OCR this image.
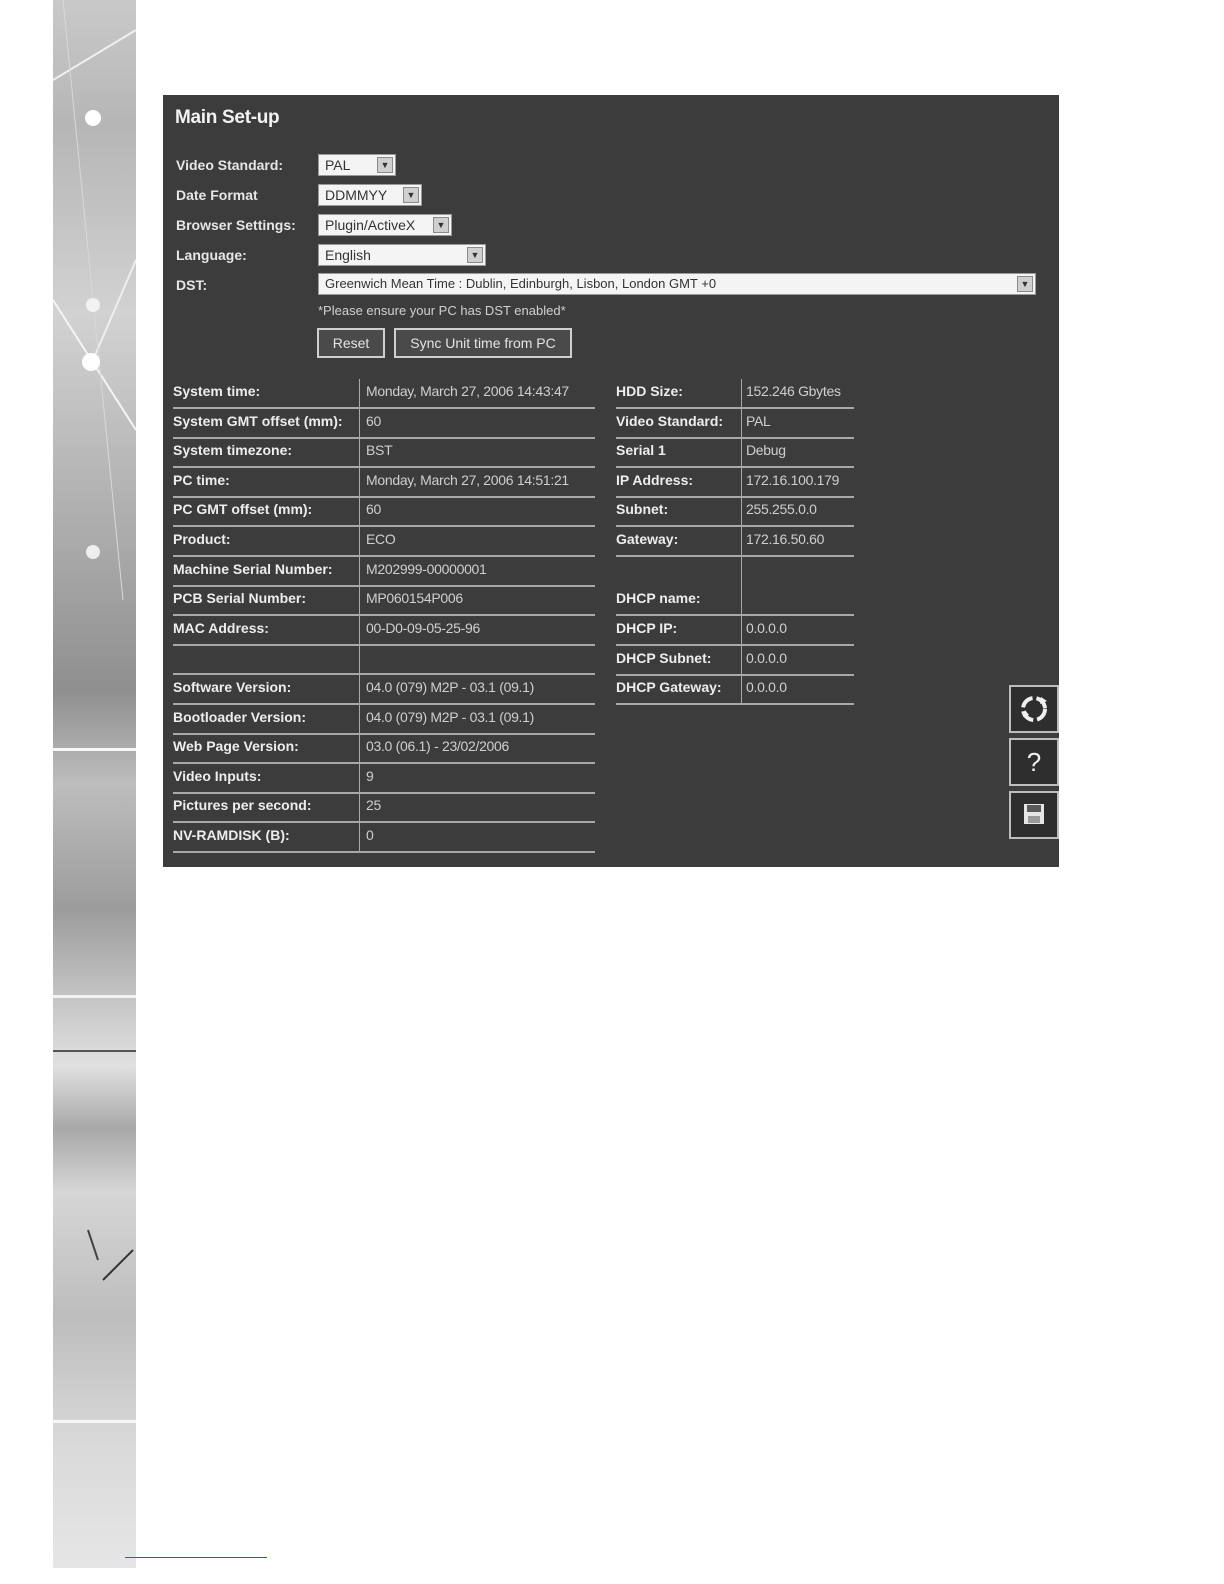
Main Set-up
Video Standard:	PAL	▼
Date Format	DDMMYY	▼
Browser Settings:	Plugin/ActiveX	▼
Language:	English	▼
DST:	Greenwich Mean Time : Dublin, Edinburgh, Lisbon, London GMT +0	▼
*Please ensure your PC has DST enabled*
Reset	Sync Unit time from PC
System time:	Monday, March 27, 2006 14:43:47
System GMT offset (mm): 60
System timezone:	BST
PC time:	Monday, March 27, 2006 14:51:21
PC GMT offset (mm):	60
Product:	ECO
Machine Serial Number: M202999-00000001
PCB Serial Number:	MP060154P006
MAC Address:	00-D0-09-05-25-96
Software Version:	04.0 (079) M2P - 03.1 (09.1)
Bootloader Version:	04.0 (079) M2P - 03.1 (09.1)
Web Page Version:	03.0 (06.1) - 23/02/2006
Video Inputs:	9
Pictures per second:	25
NV-RAMDISK (B):	0
HDD Size:	152.246 Gbytes
Video Standard: PAL
Serial 1	Debug
IP Address:	172.16.100.179
Subnet:	255.255.0.0
Gateway:	172.16.50.60
DHCP name:
DHCP IP:	0.0.0.0
DHCP Subnet: 0.0.0.0
DHCP Gateway: 0.0.0.0
?
